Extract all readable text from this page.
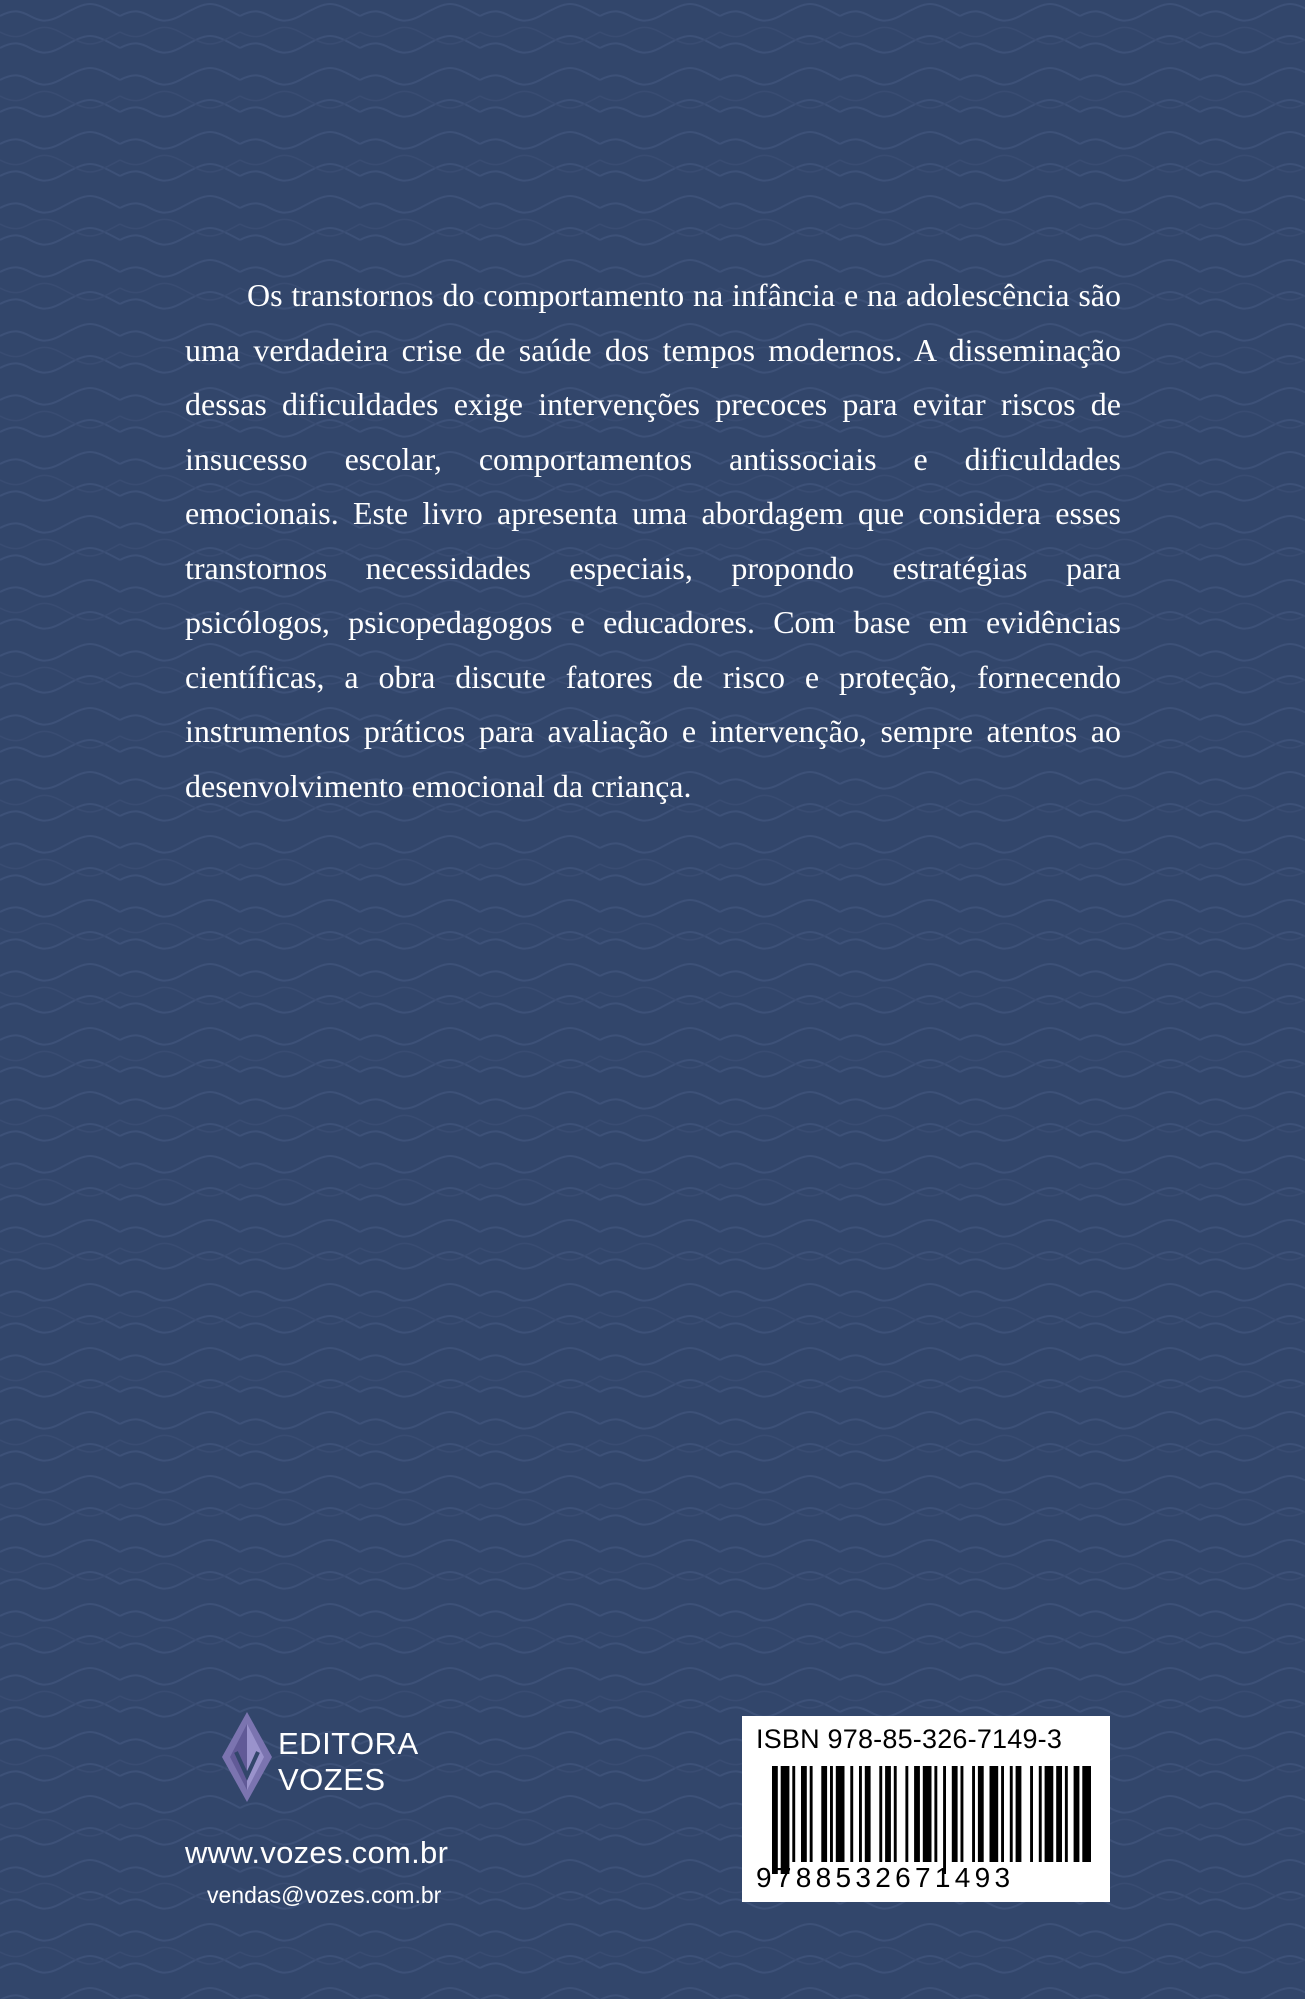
Os transtornos do comportamento na infância e na adolescência são uma verdadeira crise de saúde dos tempos modernos. A disseminação dessas dificuldades exige intervenções precoces para evitar riscos de insucesso escolar, comportamentos antissociais e dificuldades emocionais. Este livro apresenta uma abordagem que considera esses transtornos necessidades especiais, propondo estratégias para psicólogos, psicopedagogos e educadores. Com base em evidências científicas, a obra discute fatores de risco e proteção, fornecendo instrumentos práticos para avaliação e intervenção, sempre atentos ao desenvolvimento emocional da criança.

EDITORA
VOZES
www.vozes.com.br
vendas@vozes.com.br
ISBN 978-85-326-7149-3
9788532671493
